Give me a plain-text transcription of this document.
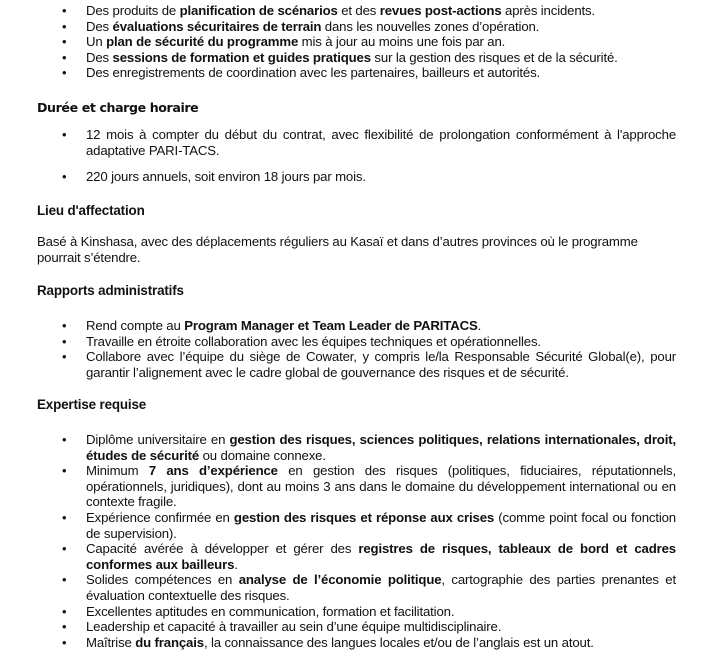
• Des produits de planification de scénarios et des revues post-actions après incidents.
• Des évaluations sécuritaires de terrain dans les nouvelles zones d’opération.
• Un plan de sécurité du programme mis à jour au moins une fois par an.
• Des sessions de formation et guides pratiques sur la gestion des risques et de la sécurité.
• Des enregistrements de coordination avec les partenaires, bailleurs et autorités.
Durée et charge horaire
• 12 mois à compter du début du contrat, avec flexibilité de prolongation conformément à l'approche adaptative PARI-TACS.
• 220 jours annuels, soit environ 18 jours par mois.
Lieu d'affectation
Basé à Kinshasa, avec des déplacements réguliers au Kasaï et dans d’autres provinces où le programme pourrait s’étendre.
Rapports administratifs
• Rend compte au Program Manager et Team Leader de PARITACS.
• Travaille en étroite collaboration avec les équipes techniques et opérationnelles.
• Collabore avec l’équipe du siège de Cowater, y compris le/la Responsable Sécurité Global(e), pour garantir l’alignement avec le cadre global de gouvernance des risques et de sécurité.
Expertise requise
• Diplôme universitaire en gestion des risques, sciences politiques, relations internationales, droit, études de sécurité ou domaine connexe.
• Minimum 7 ans d’expérience en gestion des risques (politiques, fiduciaires, réputationnels, opérationnels, juridiques), dont au moins 3 ans dans le domaine du développement international ou en contexte fragile.
• Expérience confirmée en gestion des risques et réponse aux crises (comme point focal ou fonction de supervision).
• Capacité avérée à développer et gérer des registres de risques, tableaux de bord et cadres conformes aux bailleurs.
• Solides compétences en analyse de l’économie politique, cartographie des parties prenantes et évaluation contextuelle des risques.
• Excellentes aptitudes en communication, formation et facilitation.
• Leadership et capacité à travailler au sein d’une équipe multidisciplinaire.
• Maîtrise du français, la connaissance des langues locales et/ou de l’anglais est un atout.
